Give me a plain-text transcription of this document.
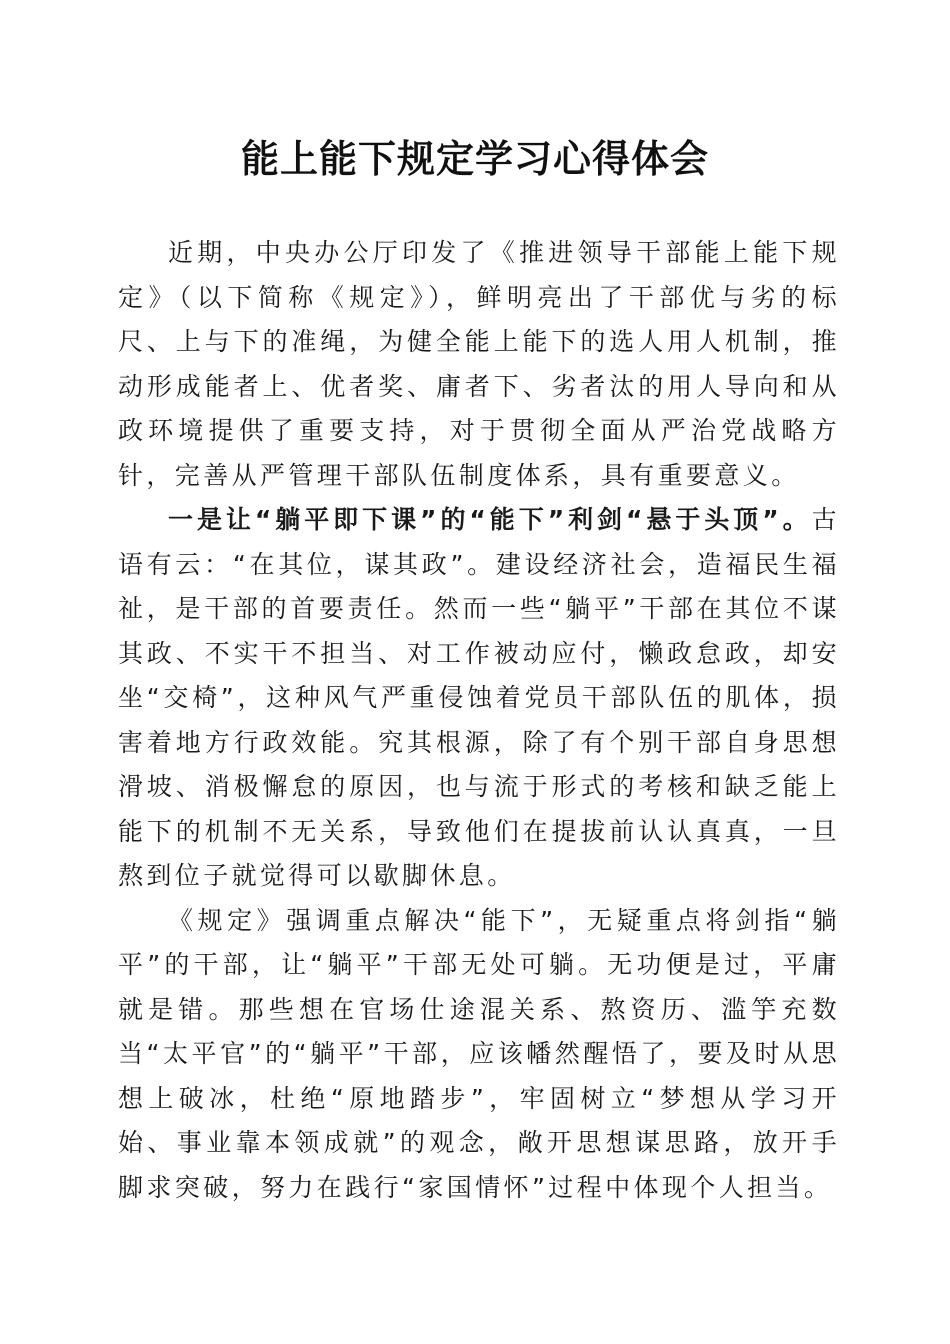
能上能下规定学习心得体会

近期，中央办公厅印发了《推进领导干部能上能下规定》（以下简称《规定》），鲜明亮出了干部优与劣的标尺、上与下的准绳，为健全能上能下的选人用人机制，推动形成能者上、优者奖、庸者下、劣者汰的用人导向和从政环境提供了重要支持，对于贯彻全面从严治党战略方针，完善从严管理干部队伍制度体系，具有重要意义。

一是让“躺平即下课”的“能下”利剑“悬于头顶”。古语有云：“在其位，谋其政”。建设经济社会，造福民生福祉，是干部的首要责任。然而一些“躺平”干部在其位不谋其政、不实干不担当、对工作被动应付，懒政怠政，却安坐“交椅”，这种风气严重侵蚀着党员干部队伍的肌体，损害着地方行政效能。究其根源，除了有个别干部自身思想滑坡、消极懈怠的原因，也与流于形式的考核和缺乏能上能下的机制不无关系，导致他们在提拔前认认真真，一旦熬到位子就觉得可以歇脚休息。

《规定》强调重点解决“能下”，无疑重点将剑指“躺平”的干部，让“躺平”干部无处可躺。无功便是过，平庸就是错。那些想在官场仕途混关系、熬资历、滥竽充数当“太平官”的“躺平”干部，应该幡然醒悟了，要及时从思想上破冰，杜绝“原地踏步”，牢固树立“梦想从学习开始、事业靠本领成就”的观念，敞开思想谋思路，放开手脚求突破，努力在践行“家国情怀”过程中体现个人担当。
